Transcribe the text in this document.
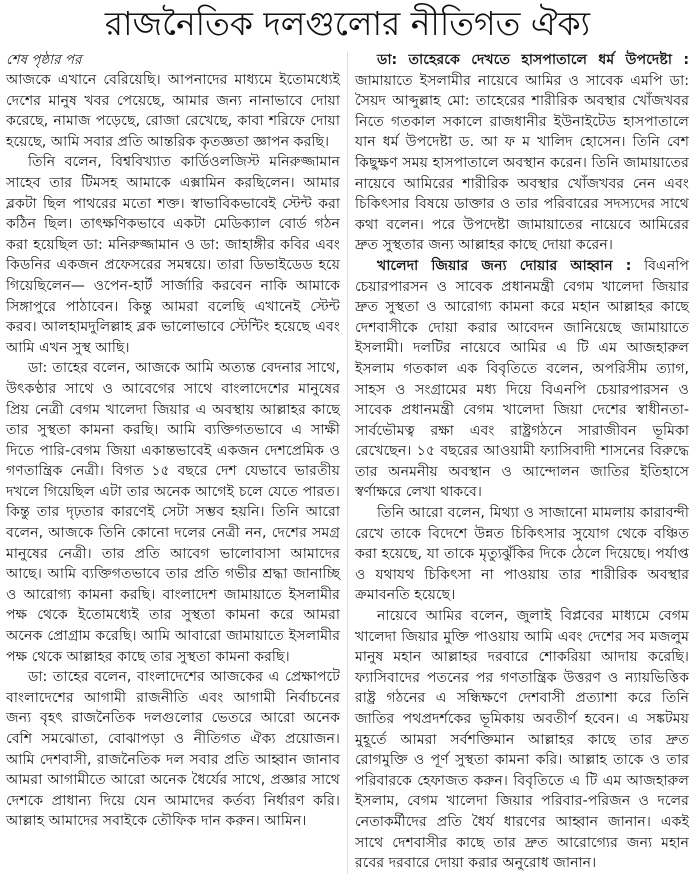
রাজনৈতিক দলগুলোর নীতিগত ঐক্য
শেষ পৃষ্ঠার পর

আজকে এখানে বেরিয়েছি। আপনাদের মাধ্যমে ইতোমধ্যেই দেশের মানুষ খবর পেয়েছে, আমার জন্য নানাভাবে দোয়া করেছে, নামাজ পড়েছে, রোজা রেখেছে, কাবা শরিফে দোয়া হয়েছে, আমি সবার প্রতি আন্তরিক কৃতজ্ঞতা জ্ঞাপন করছি।

তিনি বলেন, বিশ্ববিখ্যাত কার্ডিওলজিস্ট মনিরুজ্জামান সাহেব তার টিমসহ আমাকে এক্সামিন করছিলেন। আমার ব্লকটা ছিল পাথরের মতো শক্ত। স্বাভাবিকভাবেই স্টেন্ট করা কঠিন ছিল। তাৎক্ষণিকভাবে একটা মেডিক্যাল বোর্ড গঠন করা হয়েছিল ডা: মনিরুজ্জামান ও ডা: জাহাঙ্গীর কবির এবং কিডনির একজন প্রফেসরের সমন্বয়ে। তারা ডিভাইডেড হয়ে গিয়েছিলেন— ওপেন-হার্ট সার্জারি করবেন নাকি আমাকে সিঙ্গাপুরে পাঠাবেন। কিন্তু আমরা বলেছি এখানেই স্টেন্ট করব। আলহামদুলিল্লাহ ব্লক ভালোভাবে স্টেন্টিং হয়েছে এবং আমি এখন সুস্থ আছি।

ডা: তাহের বলেন, আজকে আমি অত্যন্ত বেদনার সাথে, উৎকণ্ঠার সাথে ও আবেগের সাথে বাংলাদেশের মানুষের প্রিয় নেত্রী বেগম খালেদা জিয়ার এ অবস্থায় আল্লাহর কাছে তার সুস্থতা কামনা করছি। আমি ব্যক্তিগতভাবে এ সাক্ষী দিতে পারি-বেগম জিয়া একান্তভাবেই একজন দেশপ্রেমিক ও গণতান্ত্রিক নেত্রী। বিগত ১৫ বছরে দেশ যেভাবে ভারতীয় দখলে গিয়েছিল এটা তার অনেক আগেই চলে যেতে পারত। কিন্তু তার দৃঢ়তার কারণেই সেটা সম্ভব হয়নি। তিনি আরো বলেন, আজকে তিনি কোনো দলের নেত্রী নন, দেশের সমগ্র মানুষের নেত্রী। তার প্রতি আবেগ ভালোবাসা আমাদের আছে। আমি ব্যক্তিগতভাবে তার প্রতি গভীর শ্রদ্ধা জানাচ্ছি ও আরোগ্য কামনা করছি। বাংলাদেশ জামায়াতে ইসলামীর পক্ষ থেকে ইতোমধ্যেই তার সুস্থতা কামনা করে আমরা অনেক প্রোগ্রাম করেছি। আমি আবারো জামায়াতে ইসলামীর পক্ষ থেকে আল্লাহর কাছে তার সুস্থতা কামনা করছি।

ডা: তাহের বলেন, বাংলাদেশের আজকের এ প্রেক্ষাপটে বাংলাদেশের আগামী রাজনীতি এবং আগামী নির্বাচনের জন্য বৃহৎ রাজনৈতিক দলগুলোর ভেতরে আরো অনেক বেশি সমঝোতা, বোঝাপড়া ও নীতিগত ঐক্য প্রয়োজন। আমি দেশবাসী, রাজনৈতিক দল সবার প্রতি আহ্বান জানাব আমরা আগামীতে আরো অনেক ধৈর্যের সাথে, প্রজ্ঞার সাথে দেশকে প্রাধান্য দিয়ে যেন আমাদের কর্তব্য নির্ধারণ করি। আল্লাহ আমাদের সবাইকে তৌফিক দান করুন। আমিন।

ডা: তাহেরকে দেখতে হাসপাতালে ধর্ম উপদেষ্টা : জামায়াতে ইসলামীর নায়েবে আমির ও সাবেক এমপি ডা: সৈয়দ আব্দুল্লাহ মো: তাহেরের শারীরিক অবস্থার খোঁজখবর নিতে গতকাল সকালে রাজধানীর ইউনাইটেড হাসপাতালে যান ধর্ম উপদেষ্টা ড. আ ফ ম খালিদ হোসেন। তিনি বেশ কিছুক্ষণ সময় হাসপাতালে অবস্থান করেন। তিনি জামায়াতের নায়েবে আমিরের শারীরিক অবস্থার খোঁজখবর নেন এবং চিকিৎসার বিষয়ে ডাক্তার ও তার পরিবারের সদস্যদের সাথে কথা বলেন। পরে উপদেষ্টা জামায়াতের নায়েবে আমিরের দ্রুত সুস্থতার জন্য আল্লাহর কাছে দোয়া করেন।

খালেদা জিয়ার জন্য দোয়ার আহ্বান : বিএনপি চেয়ারপারসন ও সাবেক প্রধানমন্ত্রী বেগম খালেদা জিয়ার দ্রুত সুস্থতা ও আরোগ্য কামনা করে মহান আল্লাহর কাছে দেশবাসীকে দোয়া করার আবেদন জানিয়েছে জামায়াতে ইসলামী। দলটির নায়েবে আমির এ টি এম আজহারুল ইসলাম গতকাল এক বিবৃতিতে বলেন, অপরিসীম ত্যাগ, সাহস ও সংগ্রামের মধ্য দিয়ে বিএনপি চেয়ারপারসন ও সাবেক প্রধানমন্ত্রী বেগম খালেদা জিয়া দেশের স্বাধীনতা-সার্বভৌমত্ব রক্ষা এবং রাষ্ট্রগঠনে সারাজীবন ভূমিকা রেখেছেন। ১৫ বছরের আওয়ামী ফ্যাসিবাদী শাসনের বিরুদ্ধে তার অনমনীয় অবস্থান ও আন্দোলন জাতির ইতিহাসে স্বর্ণাক্ষরে লেখা থাকবে।

তিনি আরো বলেন, মিথ্যা ও সাজানো মামলায় কারাবন্দী রেখে তাকে বিদেশে উন্নত চিকিৎসার সুযোগ থেকে বঞ্চিত করা হয়েছে, যা তাকে মৃত্যুঝুঁকির দিকে ঠেলে দিয়েছে। পর্যাপ্ত ও যথাযথ চিকিৎসা না পাওয়ায় তার শারীরিক অবস্থার ক্রমাবনতি হয়েছে।

নায়েবে আমির বলেন, জুলাই বিপ্লবের মাধ্যমে বেগম খালেদা জিয়ার মুক্তি পাওয়ায় আমি এবং দেশের সব মজলুম মানুষ মহান আল্লাহর দরবারে শোকরিয়া আদায় করেছি। ফ্যাসিবাদের পতনের পর গণতান্ত্রিক উত্তরণ ও ন্যায়ভিত্তিক রাষ্ট্র গঠনের এ সন্ধিক্ষণে দেশবাসী প্রত্যাশা করে তিনি জাতির পথপ্রদর্শকের ভূমিকায় অবতীর্ণ হবেন। এ সঙ্কটময় মুহূর্তে আমরা সর্বশক্তিমান আল্লাহর কাছে তার দ্রুত রোগমুক্তি ও পূর্ণ সুস্থতা কামনা করি। আল্লাহ তাকে ও তার পরিবারকে হেফাজত করুন। বিবৃতিতে এ টি এম আজহারুল ইসলাম, বেগম খালেদা জিয়ার পরিবার-পরিজন ও দলের নেতাকর্মীদের প্রতি ধৈর্য ধারণের আহ্বান জানান। একই সাথে দেশবাসীর কাছে তার দ্রুত আরোগ্যের জন্য মহান রবের দরবারে দোয়া করার অনুরোধ জানান।
